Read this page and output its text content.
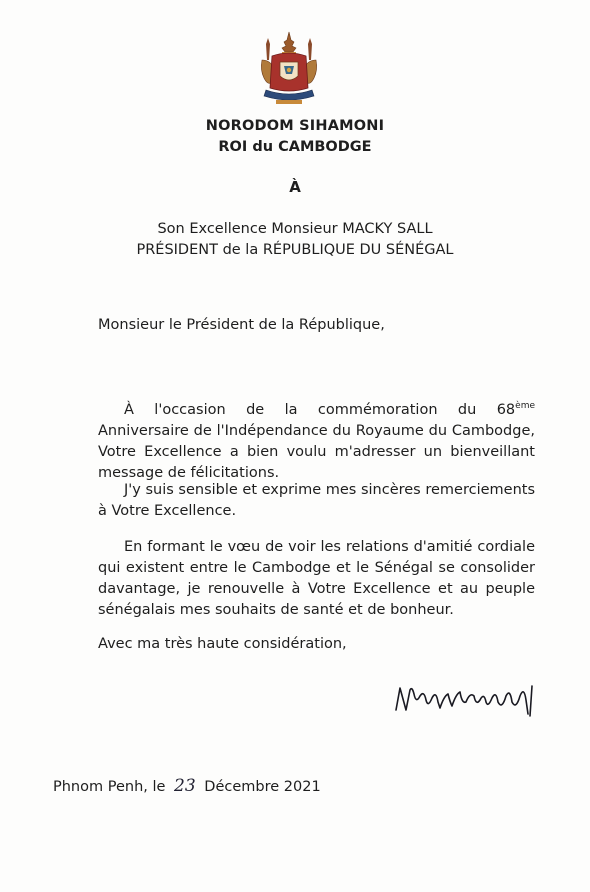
NORODOM SIHAMONI
ROI du CAMBODGE
À
Son Excellence Monsieur MACKY SALL
PRÉSIDENT de la RÉPUBLIQUE DU SÉNÉGAL
Monsieur le Président de la République,

À l'occasion de la commémoration du 68ème Anniversaire de l'Indépendance du Royaume du Cambodge, Votre Excellence a bien voulu m'adresser un bienveillant message de félicitations.

J'y suis sensible et exprime mes sincères remerciements à Votre Excellence.

En formant le vœu de voir les relations d'amitié cordiale qui existent entre le Cambodge et le Sénégal se consolider davantage, je renouvelle à Votre Excellence et au peuple sénégalais mes souhaits de santé et de bonheur.

Avec ma très haute considération,

Phnom Penh, le 23 Décembre 2021
